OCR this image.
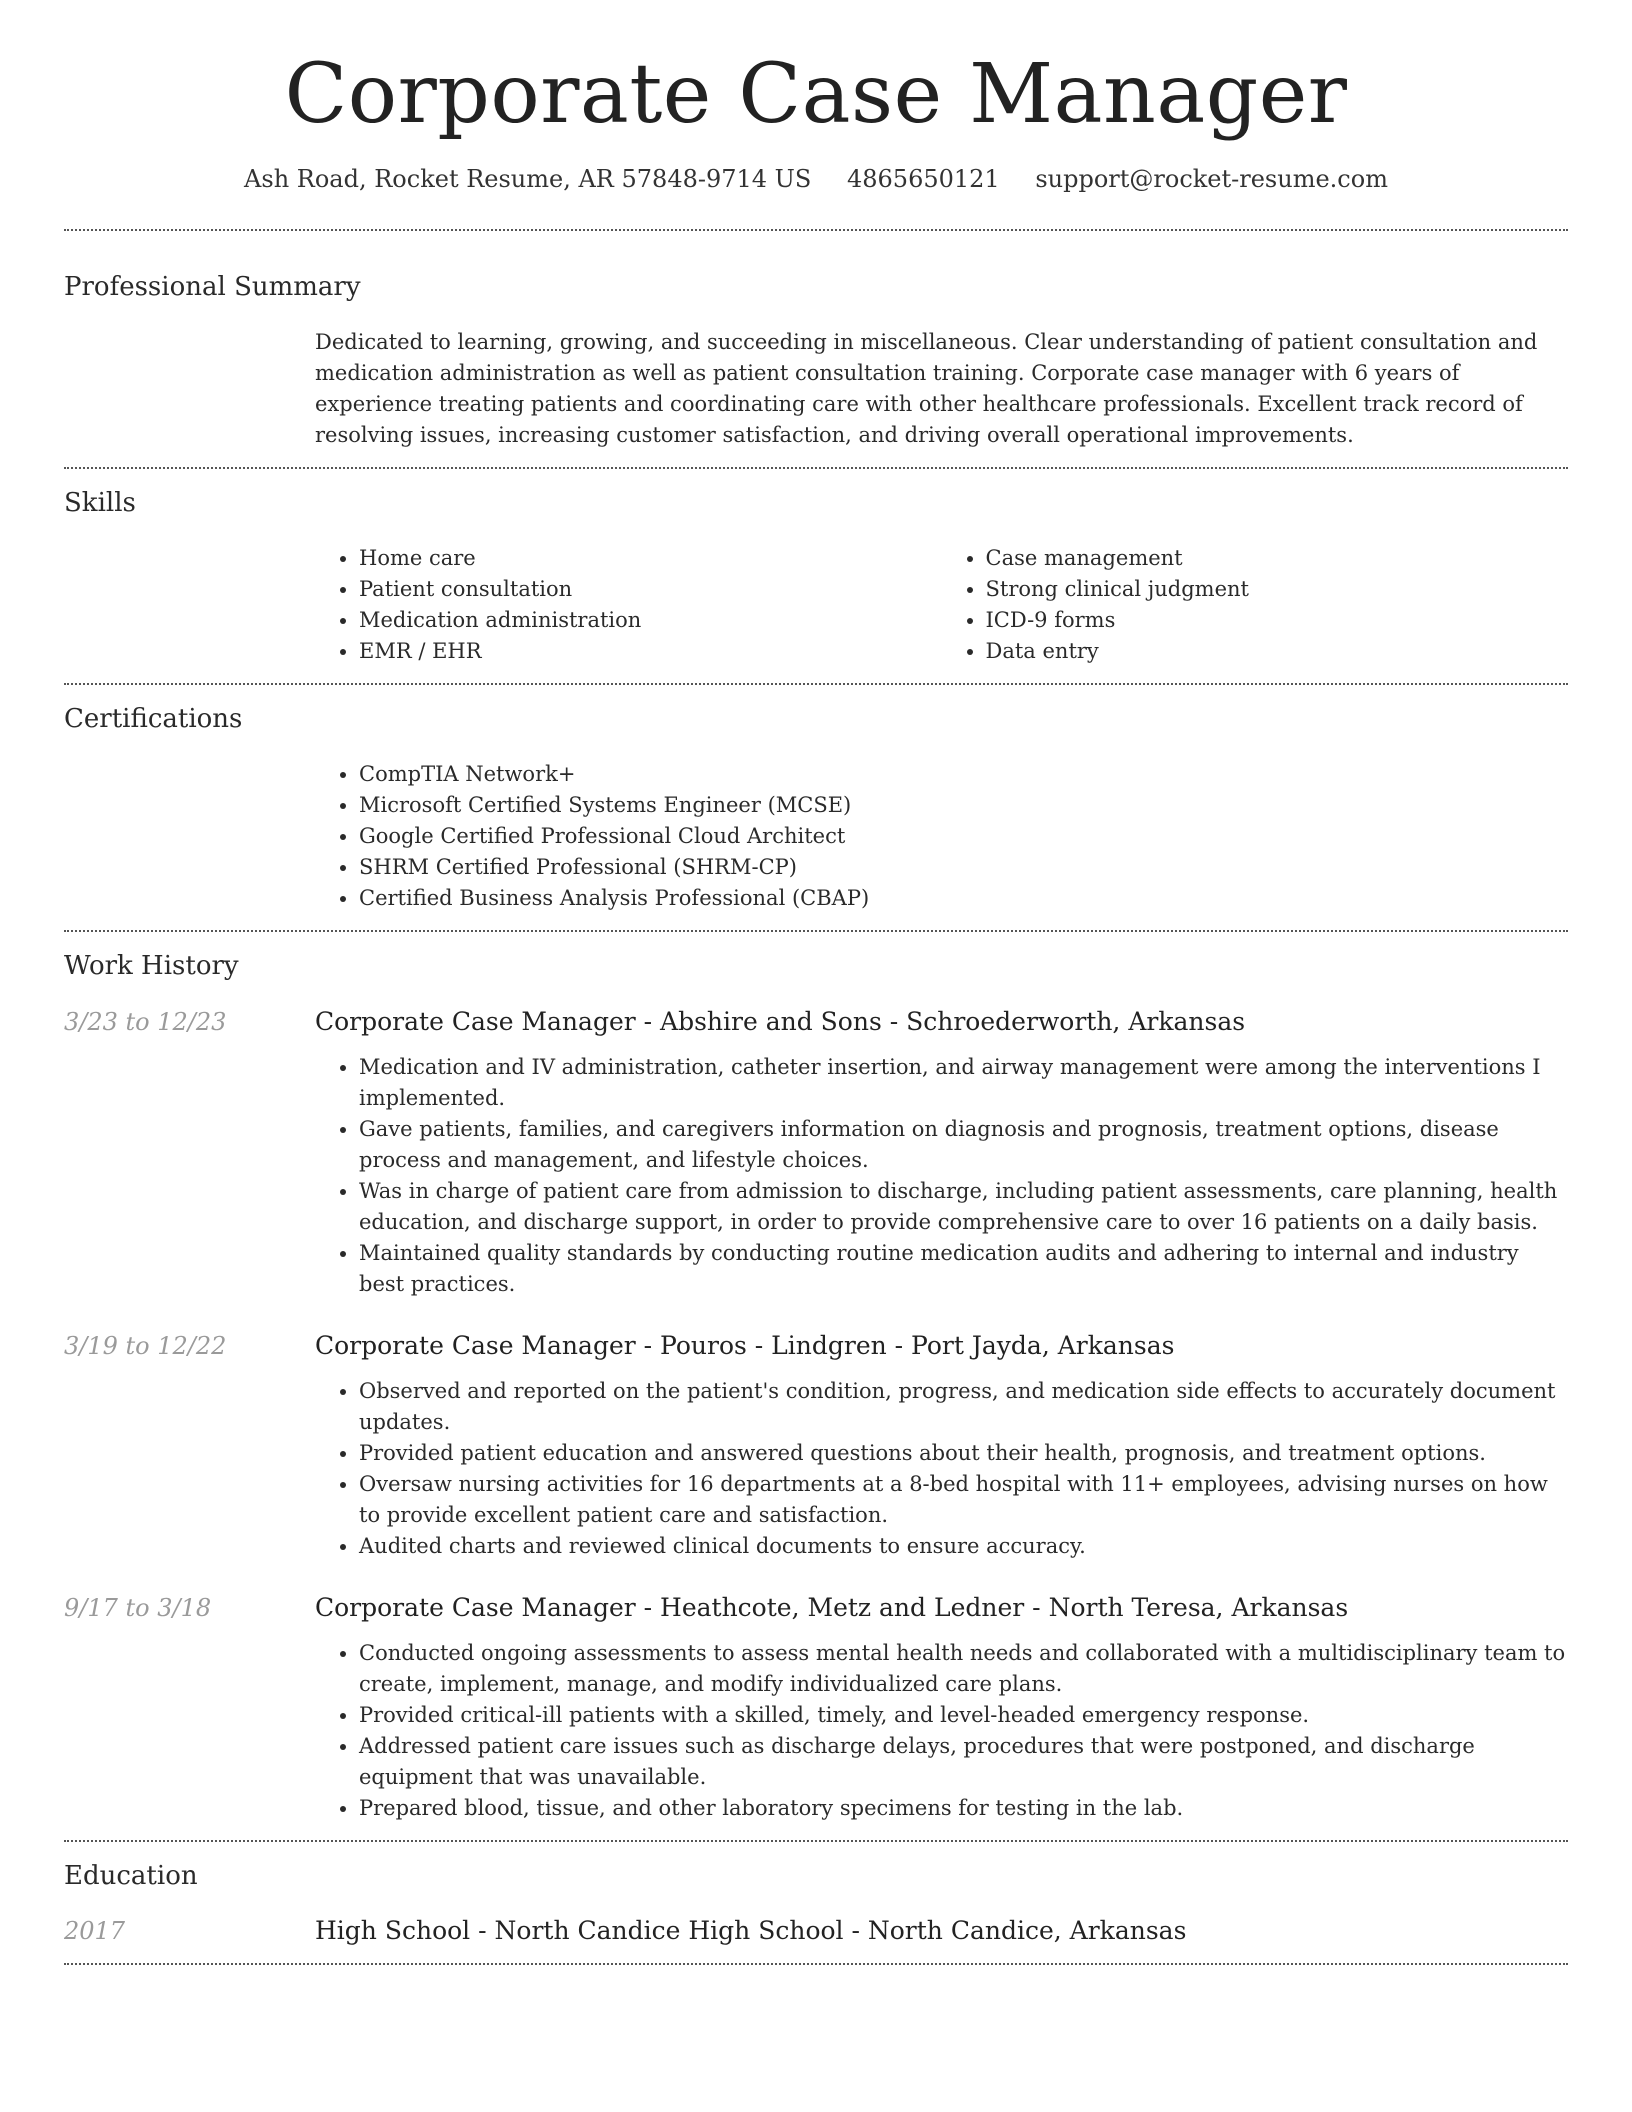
Corporate Case Manager
Ash Road, Rocket Resume, AR 57848-9714 US 4865650121 support@rocket-resume.com
Professional Summary

Dedicated to learning, growing, and succeeding in miscellaneous. Clear understanding of patient consultation and medication administration as well as patient consultation training. Corporate case manager with 6 years of experience treating patients and coordinating care with other healthcare professionals. Excellent track record of resolving issues, increasing customer satisfaction, and driving overall operational improvements.

Skills
• Home care
• Patient consultation
• Medication administration
• EMR / EHR
• Case management
• Strong clinical judgment
• ICD-9 forms
• Data entry
Certifications
• CompTIA Network+
• Microsoft Certified Systems Engineer (MCSE)
• Google Certified Professional Cloud Architect
• SHRM Certified Professional (SHRM-CP)
• Certified Business Analysis Professional (CBAP)
Work History
3/23 to 12/23	Corporate Case Manager - Abshire and Sons - Schroederworth, Arkansas
• Medication and IV administration, catheter insertion, and airway management were among the interventions I implemented.
• Gave patients, families, and caregivers information on diagnosis and prognosis, treatment options, disease process and management, and lifestyle choices.
• Was in charge of patient care from admission to discharge, including patient assessments, care planning, health education, and discharge support, in order to provide comprehensive care to over 16 patients on a daily basis.
• Maintained quality standards by conducting routine medication audits and adhering to internal and industry best practices.
3/19 to 12/22	Corporate Case Manager - Pouros - Lindgren - Port Jayda, Arkansas
• Observed and reported on the patient's condition, progress, and medication side effects to accurately document updates.
• Provided patient education and answered questions about their health, prognosis, and treatment options.
• Oversaw nursing activities for 16 departments at a 8-bed hospital with 11+ employees, advising nurses on how to provide excellent patient care and satisfaction.
• Audited charts and reviewed clinical documents to ensure accuracy.
9/17 to 3/18	Corporate Case Manager - Heathcote, Metz and Ledner - North Teresa, Arkansas
• Conducted ongoing assessments to assess mental health needs and collaborated with a multidisciplinary team to create, implement, manage, and modify individualized care plans.
• Provided critical-ill patients with a skilled, timely, and level-headed emergency response.
• Addressed patient care issues such as discharge delays, procedures that were postponed, and discharge equipment that was unavailable.
• Prepared blood, tissue, and other laboratory specimens for testing in the lab.
Education
2017	High School - North Candice High School - North Candice, Arkansas
